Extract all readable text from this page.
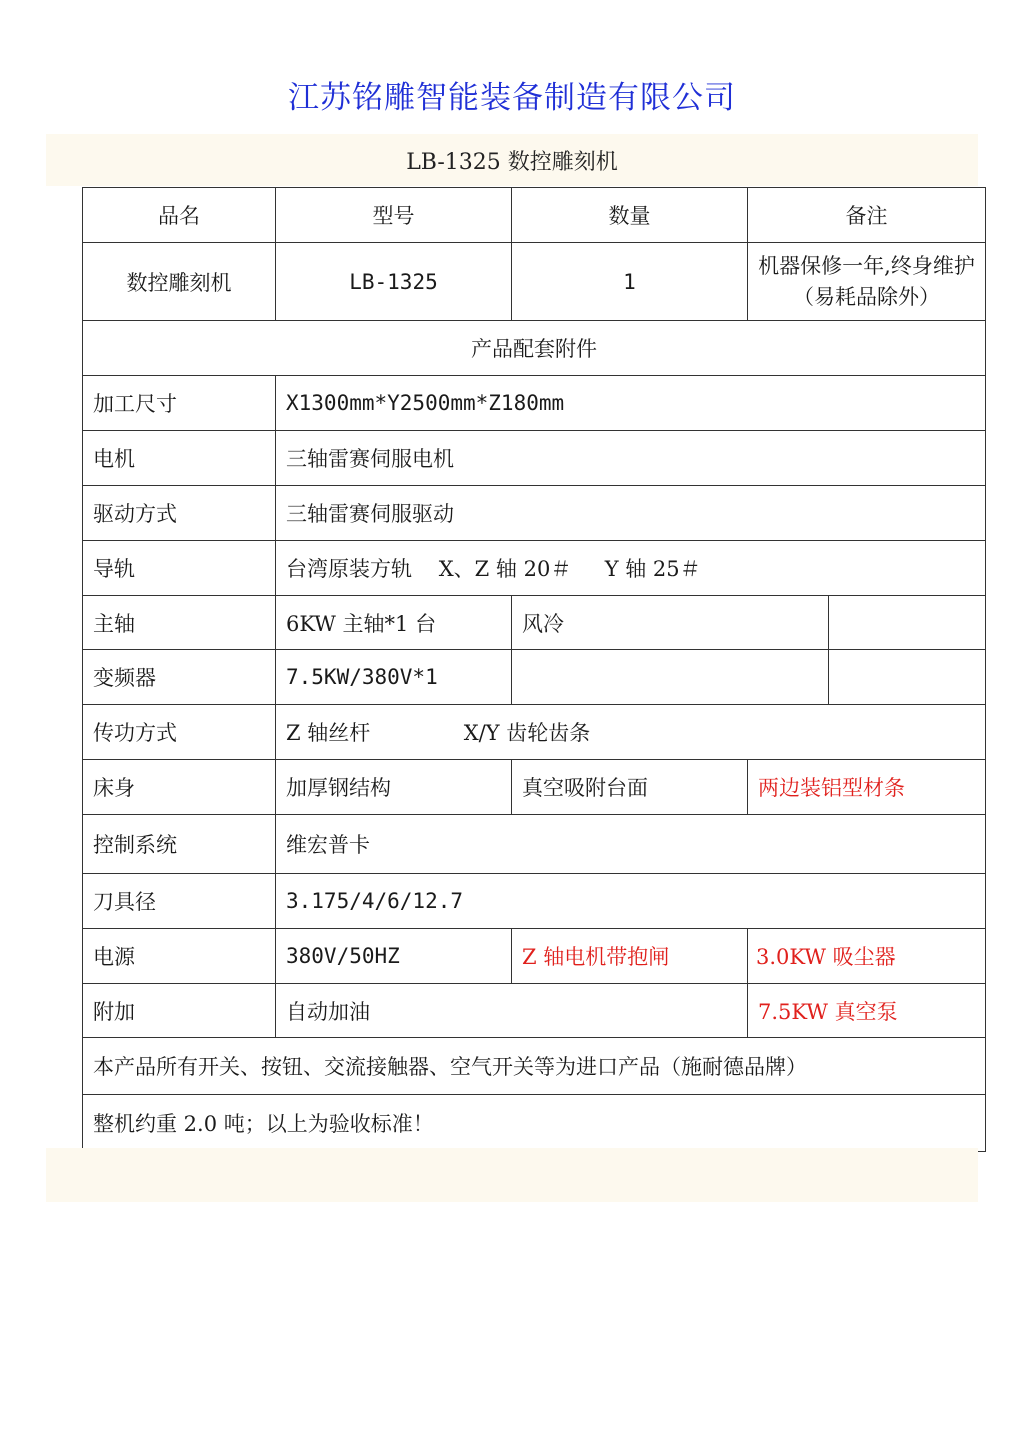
江苏铭雕智能装备制造有限公司
LB-1325 数控雕刻机
品名	型号	数量	备注	
数控雕刻机	LB-1325	1	机器保修一年,终身维护
（易耗品除外）	

产品配套附件				
加工尺寸	X1300mm*Y2500mm*Z180mm			
电机	三轴雷赛伺服电机			
驱动方式	三轴雷赛伺服驱动			
导轨	台湾原装方轨    X、Z 轴 20＃     Y 轴 25＃			
主轴	6KW 主轴*1 台	风冷		
变频器	7.5KW/380V*1			
传功方式	Z 轴丝杆              X/Y 齿轮齿条			
床身	加厚钢结构	真空吸附台面	两边装铝型材条	
控制系统	维宏普卡			
刀具径	3.175/4/6/12.7			
电源	380V/50HZ	Z 轴电机带抱闸	3.0KW 吸尘器	
附加	自动加油		7.5KW 真空泵	
本产品所有开关、按钮、交流接触器、空气开关等为进口产品（施耐德品牌）				
整机约重 2.0 吨；以上为验收标准！				
